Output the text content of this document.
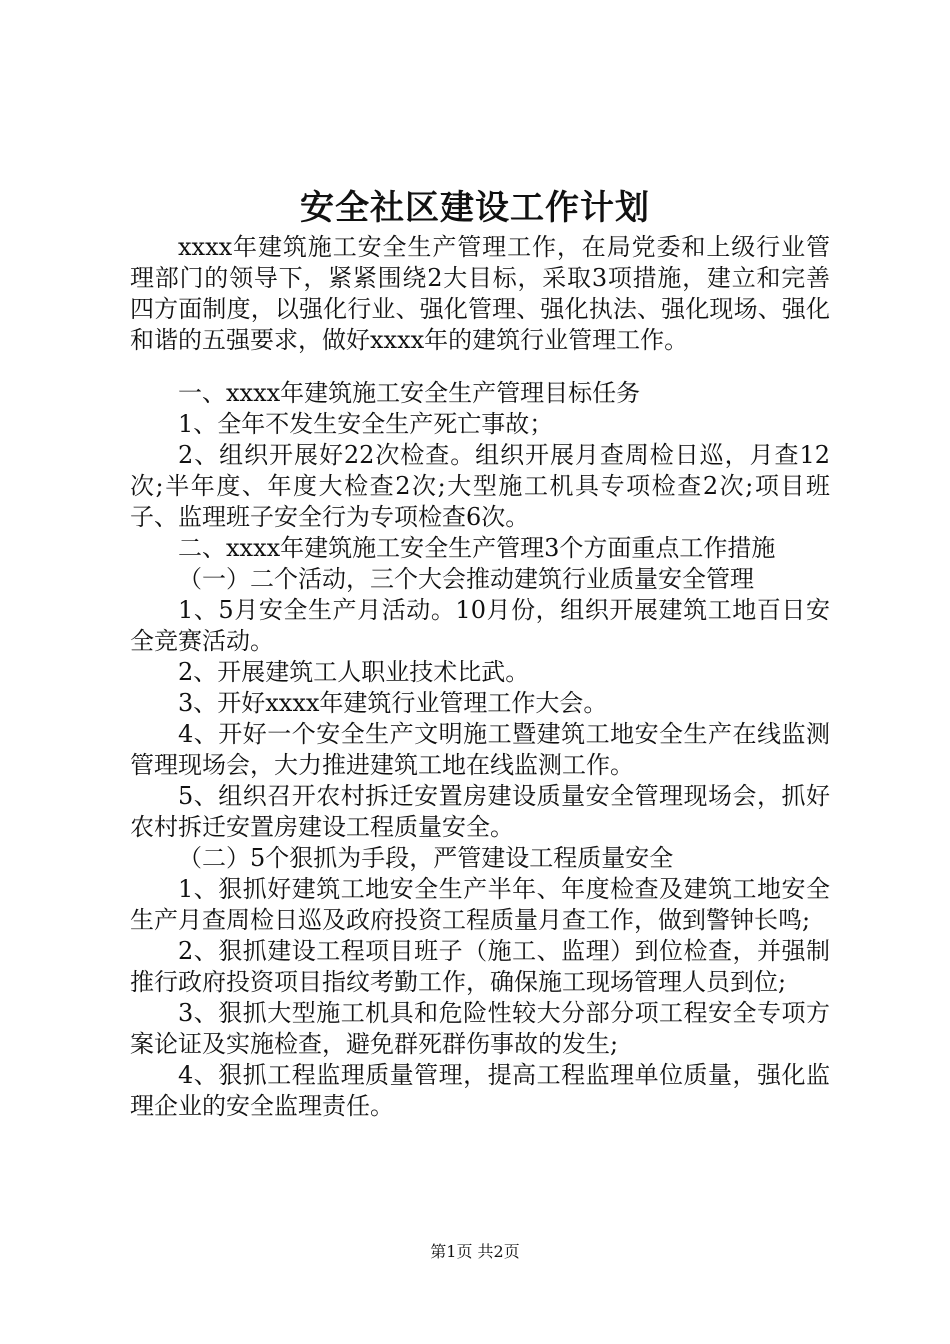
安全社区建设工作计划

xxxx年建筑施工安全生产管理工作，在局党委和上级行业管理部门的领导下，紧紧围绕2大目标，采取3项措施，建立和完善四方面制度，以强化行业、强化管理、强化执法、强化现场、强化和谐的五强要求，做好xxxx年的建筑行业管理工作。

一、xxxx年建筑施工安全生产管理目标任务

1、全年不发生安全生产死亡事故；

2、组织开展好22次检查。组织开展月查周检日巡，月查12次;半年度、年度大检查2次;大型施工机具专项检查2次;项目班子、监理班子安全行为专项检查6次。

二、xxxx年建筑施工安全生产管理3个方面重点工作措施

（一）二个活动，三个大会推动建筑行业质量安全管理

1、5月安全生产月活动。10月份，组织开展建筑工地百日安全竞赛活动。

2、开展建筑工人职业技术比武。

3、开好xxxx年建筑行业管理工作大会。

4、开好一个安全生产文明施工暨建筑工地安全生产在线监测管理现场会，大力推进建筑工地在线监测工作。

5、组织召开农村拆迁安置房建设质量安全管理现场会，抓好农村拆迁安置房建设工程质量安全。

（二）5个狠抓为手段，严管建设工程质量安全

1、狠抓好建筑工地安全生产半年、年度检查及建筑工地安全生产月查周检日巡及政府投资工程质量月查工作，做到警钟长鸣;

2、狠抓建设工程项目班子（施工、监理）到位检查，并强制推行政府投资项目指纹考勤工作，确保施工现场管理人员到位;

3、狠抓大型施工机具和危险性较大分部分项工程安全专项方案论证及实施检查，避免群死群伤事故的发生;

4、狠抓工程监理质量管理，提高工程监理单位质量，强化监理企业的安全监理责任。

第1页 共2页
